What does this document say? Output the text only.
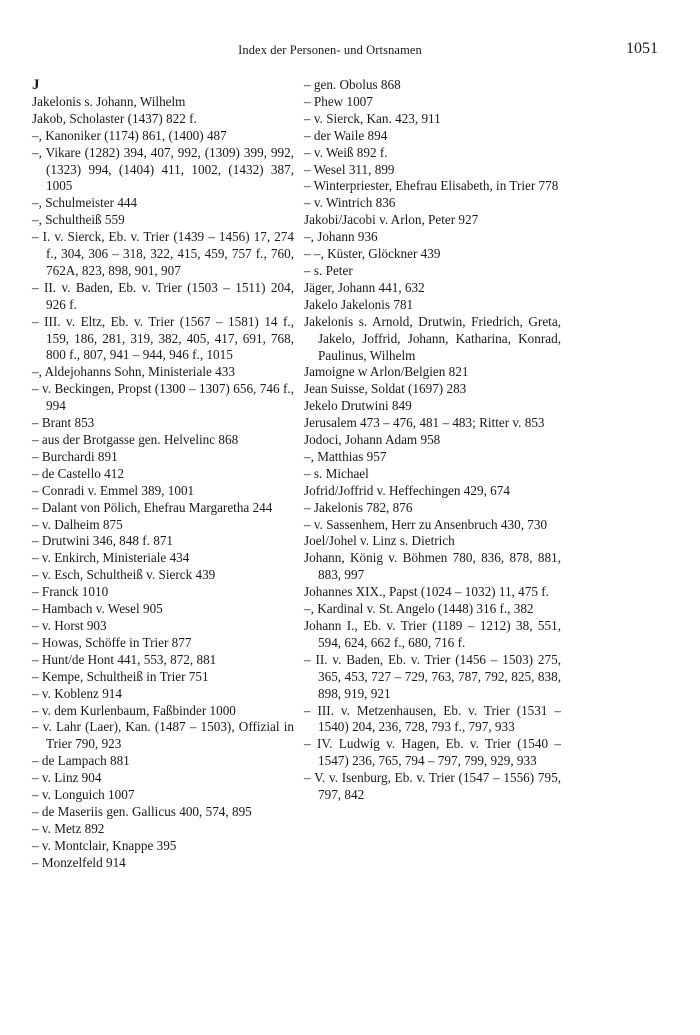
Index der Personen- und Ortsnamen	1051
J
Jakelonis s. Johann, Wilhelm
Jakob, Scholaster (1437) 822 f.
–, Kanoniker (1174) 861, (1400) 487
–, Vikare (1282) 394, 407, 992, (1309) 399, 992, (1323) 994, (1404) 411, 1002, (1432) 387, 1005
–, Schulmeister 444
–, Schultheiß 559
– I. v. Sierck, Eb. v. Trier (1439 – 1456) 17, 274 f., 304, 306 – 318, 322, 415, 459, 757 f., 760, 762A, 823, 898, 901, 907
– II. v. Baden, Eb. v. Trier (1503 – 1511) 204, 926 f.
– III. v. Eltz, Eb. v. Trier (1567 – 1581) 14 f., 159, 186, 281, 319, 382, 405, 417, 691, 768, 800 f., 807, 941 – 944, 946 f., 1015
–, Aldejohanns Sohn, Ministeriale 433
– v. Beckingen, Propst (1300 – 1307) 656, 746 f., 994
– Brant 853
– aus der Brotgasse gen. Helvelinc 868
– Burchardi 891
– de Castello 412
– Conradi v. Emmel 389, 1001
– Dalant von Pölich, Ehefrau Margaretha 244
– v. Dalheim 875
– Drutwini 346, 848 f. 871
– v. Enkirch, Ministeriale 434
– v. Esch, Schultheiß v. Sierck 439
– Franck 1010
– Hambach v. Wesel 905
– v. Horst 903
– Howas, Schöffe in Trier 877
– Hunt/de Hont 441, 553, 872, 881
– Kempe, Schultheiß in Trier 751
– v. Koblenz 914
– v. dem Kurlenbaum, Faßbinder 1000
– v. Lahr (Laer), Kan. (1487 – 1503), Offizial in Trier 790, 923
– de Lampach 881
– v. Linz 904
– v. Longuich 1007
– de Maseriis gen. Gallicus 400, 574, 895
– v. Metz 892
– v. Montclair, Knappe 395
– Monzelfeld 914
– gen. Obolus 868
– Phew 1007
– v. Sierck, Kan. 423, 911
– der Waile 894
– v. Weiß 892 f.
– Wesel 311, 899
– Winterpriester, Ehefrau Elisabeth, in Trier 778
– v. Wintrich 836
Jakobi/Jacobi v. Arlon, Peter 927
–, Johann 936
– –, Küster, Glöckner 439
– s. Peter
Jäger, Johann 441, 632
Jakelo Jakelonis 781
Jakelonis s. Arnold, Drutwin, Friedrich, Greta, Jakelo, Joffrid, Johann, Katharina, Konrad, Paulinus, Wilhelm
Jamoigne w Arlon/Belgien 821
Jean Suisse, Soldat (1697) 283
Jekelo Drutwini 849
Jerusalem 473 – 476, 481 – 483; Ritter v. 853
Jodoci, Johann Adam 958
–, Matthias 957
– s. Michael
Jofrid/Joffrid v. Heffechingen 429, 674
– Jakelonis 782, 876
– v. Sassenhem, Herr zu Ansenbruch 430, 730
Joel/Johel v. Linz s. Dietrich
Johann, König v. Böhmen 780, 836, 878, 881, 883, 997
Johannes XIX., Papst (1024 – 1032) 11, 475 f.
–, Kardinal v. St. Angelo (1448) 316 f., 382
Johann I., Eb. v. Trier (1189 – 1212) 38, 551, 594, 624, 662 f., 680, 716 f.
– II. v. Baden, Eb. v. Trier (1456 – 1503) 275, 365, 453, 727 – 729, 763, 787, 792, 825, 838, 898, 919, 921
– III. v. Metzenhausen, Eb. v. Trier (1531 – 1540) 204, 236, 728, 793 f., 797, 933
– IV. Ludwig v. Hagen, Eb. v. Trier (1540 – 1547) 236, 765, 794 – 797, 799, 929, 933
– V. v. Isenburg, Eb. v. Trier (1547 – 1556) 795, 797, 842
